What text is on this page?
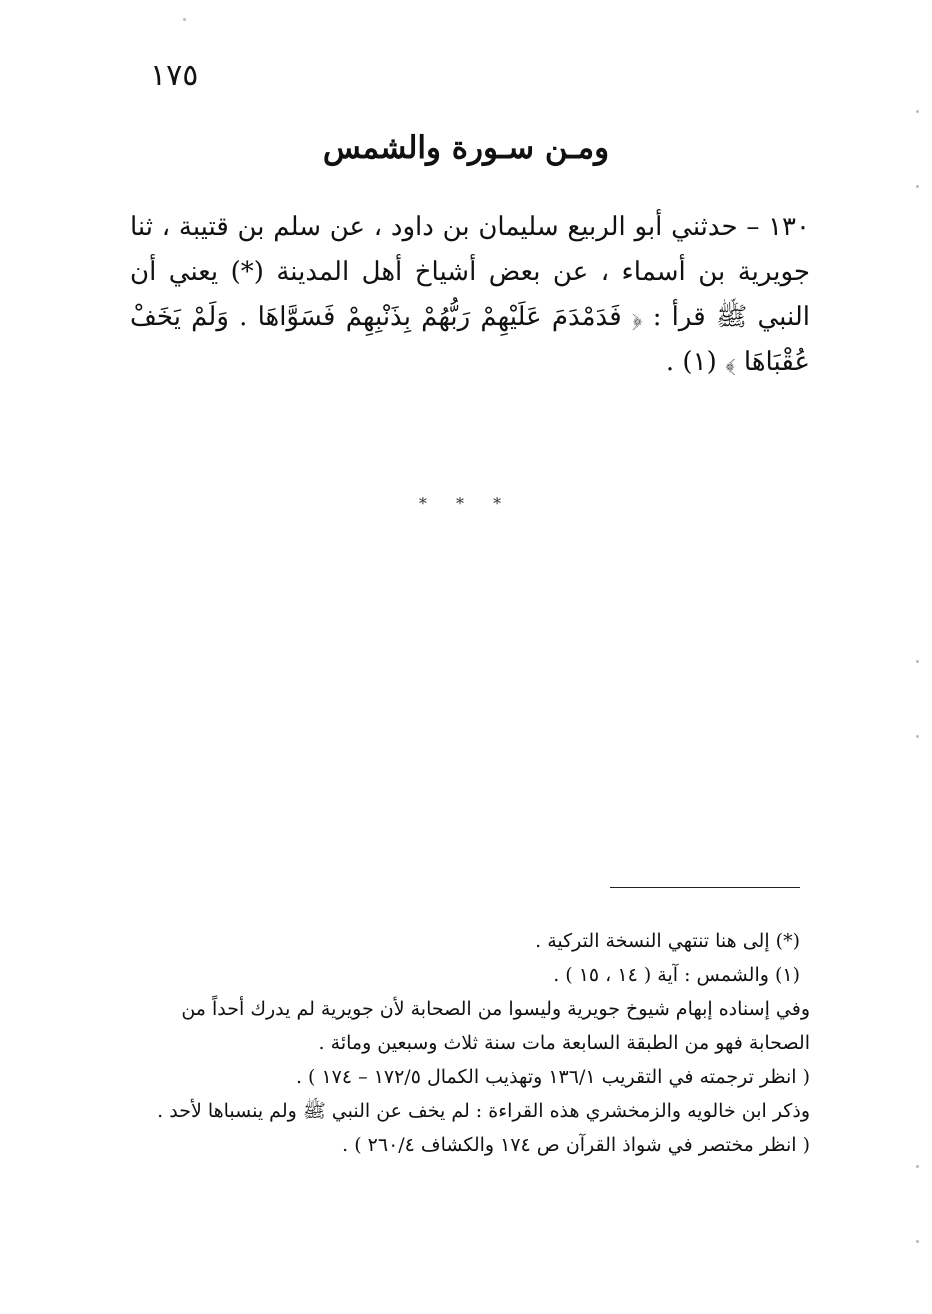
١٧٥
ومـن سـورة والشمس

١٣٠ – حدثني أبو الربيع سليمان بن داود ، عن سلم بن قتيبة ، ثنا جويرية بن أسماء ، عن بعض أشياخ أهل المدينة (*) يعني أن النبي ﷺ قرأ : ﴿ فَدَمْدَمَ عَلَيْهِمْ رَبُّهُمْ بِذَنْبِهِمْ فَسَوَّاهَا . وَلَمْ يَخَفْ عُقْبَاهَا ﴾ (١) .

* * *

(*) إلى هنا تنتهي النسخة التركية .

(١) والشمس : آية ( ١٤ ، ١٥ ) .

وفي إسناده إبهام شيوخ جويرية وليسوا من الصحابة لأن جويرية لم يدرك أحداً من الصحابة فهو من الطبقة السابعة مات سنة ثلاث وسبعين ومائة .

( انظر ترجمته في التقريب ١٣٦/١ وتهذيب الكمال ١٧٢/٥ – ١٧٤ ) .

وذكر ابن خالويه والزمخشري هذه القراءة : لم يخف عن النبي ﷺ ولم ينسباها لأحد .

( انظر مختصر في شواذ القرآن ص ١٧٤ والكشاف ٢٦٠/٤ ) .
